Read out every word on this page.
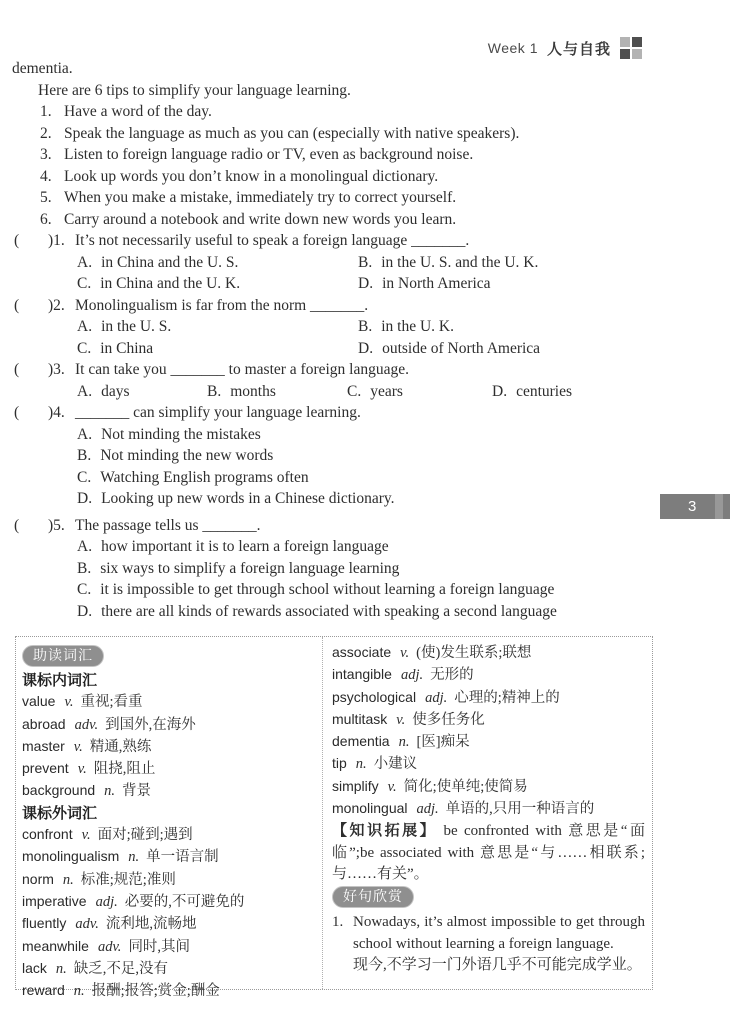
Week 1 人与自我
dementia.
Here are 6 tips to simplify your language learning.
1. Have a word of the day.
2. Speak the language as much as you can (especially with native speakers).
3. Listen to foreign language radio or TV, even as background noise.
4. Look up words you don’t know in a monolingual dictionary.
5. When you make a mistake, immediately try to correct yourself.
6. Carry around a notebook and write down new words you learn.
(	)1. It’s not necessarily useful to speak a foreign language _______.
A. in China and the U. S.	B. in the U. S. and the U. K.
C. in China and the U. K.	D. in North America
(	)2. Monolingualism is far from the norm _______.
A. in the U. S.	B. in the U. K.
C. in China	D. outside of North America
(	)3. It can take you _______ to master a foreign language.
A. days	B. months	C. years	D. centuries
(	)4. _______ can simplify your language learning.
A. Not minding the mistakes
B. Not minding the new words
C. Watching English programs often
D. Looking up new words in a Chinese dictionary.
(	)5. The passage tells us _______.
A. how important it is to learn a foreign language
B. six ways to simplify a foreign language learning
C. it is impossible to get through school without learning a foreign language
D. there are all kinds of rewards associated with speaking a second language
3
助读词汇
课标内词汇
value v. 重视;看重
abroad adv. 到国外,在海外
master v. 精通,熟练
prevent v. 阻挠,阻止
background n. 背景
课标外词汇
confront v. 面对;碰到;遇到
monolingualism n. 单一语言制
norm n. 标准;规范;准则
imperative adj. 必要的,不可避免的
fluently adv. 流利地,流畅地
meanwhile adv. 同时,其间
lack n. 缺乏,不足,没有
reward n. 报酬;报答;赏金;酬金
associate v. (使)发生联系;联想
intangible adj. 无形的
psychological adj. 心理的;精神上的
multitask v. 使多任务化
dementia n. [医]痴呆
tip n. 小建议
simplify v. 简化;使单纯;使简易
monolingual adj. 单语的,只用一种语言的

【知识拓展】 be confronted with 意思是“面临”;be associated with 意思是“与……相联系;与……有关”。

好句欣赏
1. Nowadays, it’s almost impossible to get through school without learning a foreign language.
现今,不学习一门外语几乎不可能完成学业。
